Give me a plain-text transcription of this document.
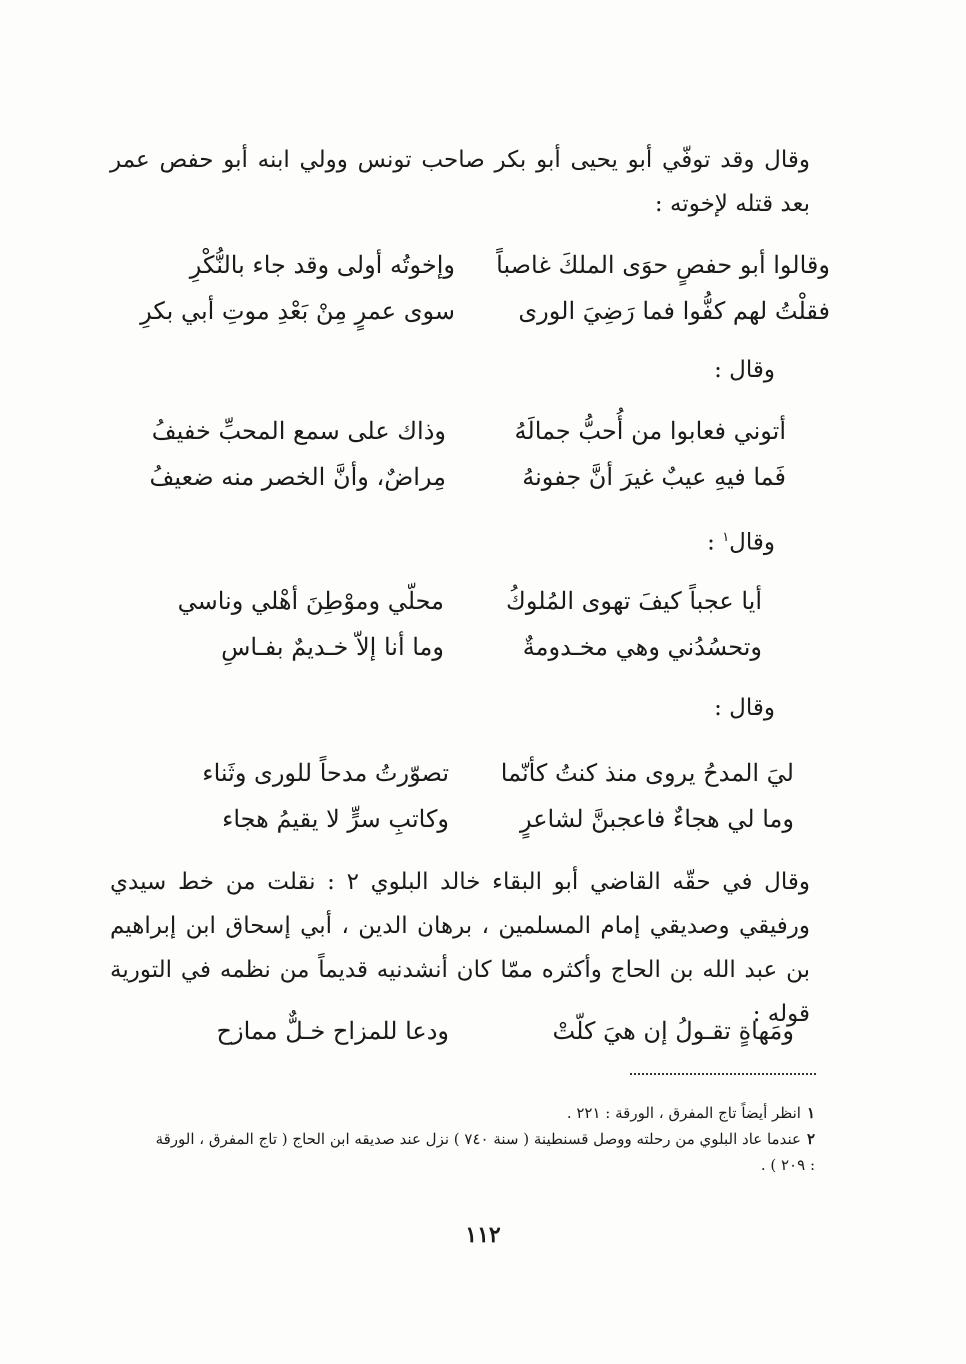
وقال وقد توفّي أبو يحيى أبو بكر صاحب تونس وولي ابنه أبو حفص عمر بعد قتله لإخوته :
وقالوا أبو حفصٍ حوَى الملكَ غاصباً
وإخوتُه أولى وقد جاء بالنُّكْرِ
فقلْتُ لهم كفُّوا فما رَضِيَ الورى
سوى عمرٍ مِنْ بَعْدِ موتِ أبي بكرِ
وقال :
أتوني فعابوا من أُحبُّ جمالَهُ
وذاك على سمع المحبِّ خفيفُ
فَما فيهِ عيبٌ غيرَ أنَّ جفونهُ
مِراضٌ، وأنَّ الخصر منه ضعيفُ
وقال$^١$ :
أيا عجباً كيفَ تهوى المُلوكُ
محلّي وموْطِنَ أهْلي وناسي
وتحسُدُني وهي مخـدومةٌ
وما أنا إلاّ خـديمٌ بفـاسِ
وقال :
ليَ المدحُ يروى منذ كنتُ كأنّما
تصوّرتُ مدحاً للورى وثَناء
وما لي هجاءٌ فاعجبنَّ لشاعرٍ
وكاتبِ سرٍّ لا يقيمُ هجاء
وقال في حقّه القاضي أبو البقاء خالد البلوي ٢ : نقلت من خط سيدي ورفيقي وصديقي إمام المسلمين ، برهان الدين ، أبي إسحاق ابن إبراهيم بن عبد الله بن الحاج وأكثره ممّا كان أنشدنيه قديماً من نظمه في التورية قوله :
ومَهاةٍ تقـولُ إن هيَ كلّتْ
ودعا للمزاح خـلٌّ ممازح

١انظر أيضاً تاج المفرق ، الورقة : ٢٢١ .

٢عندما عاد البلوي من رحلته ووصل قسنطينة ( سنة ٧٤٠ ) نزل عند صديقه ابن الحاج ( تاج المفرق ، الورقة : ٢٠٩ ) .

١١٢
